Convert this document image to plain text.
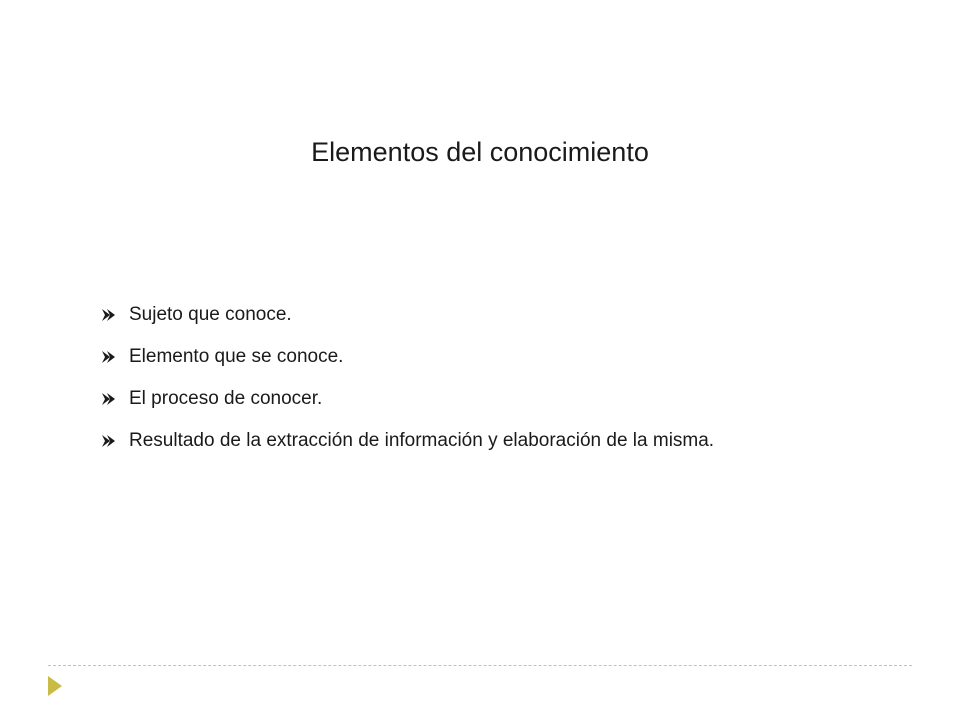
Elementos del conocimiento
Sujeto que conoce.
Elemento que se conoce.
El proceso de conocer.
Resultado de la extracción de información y elaboración de la misma.
